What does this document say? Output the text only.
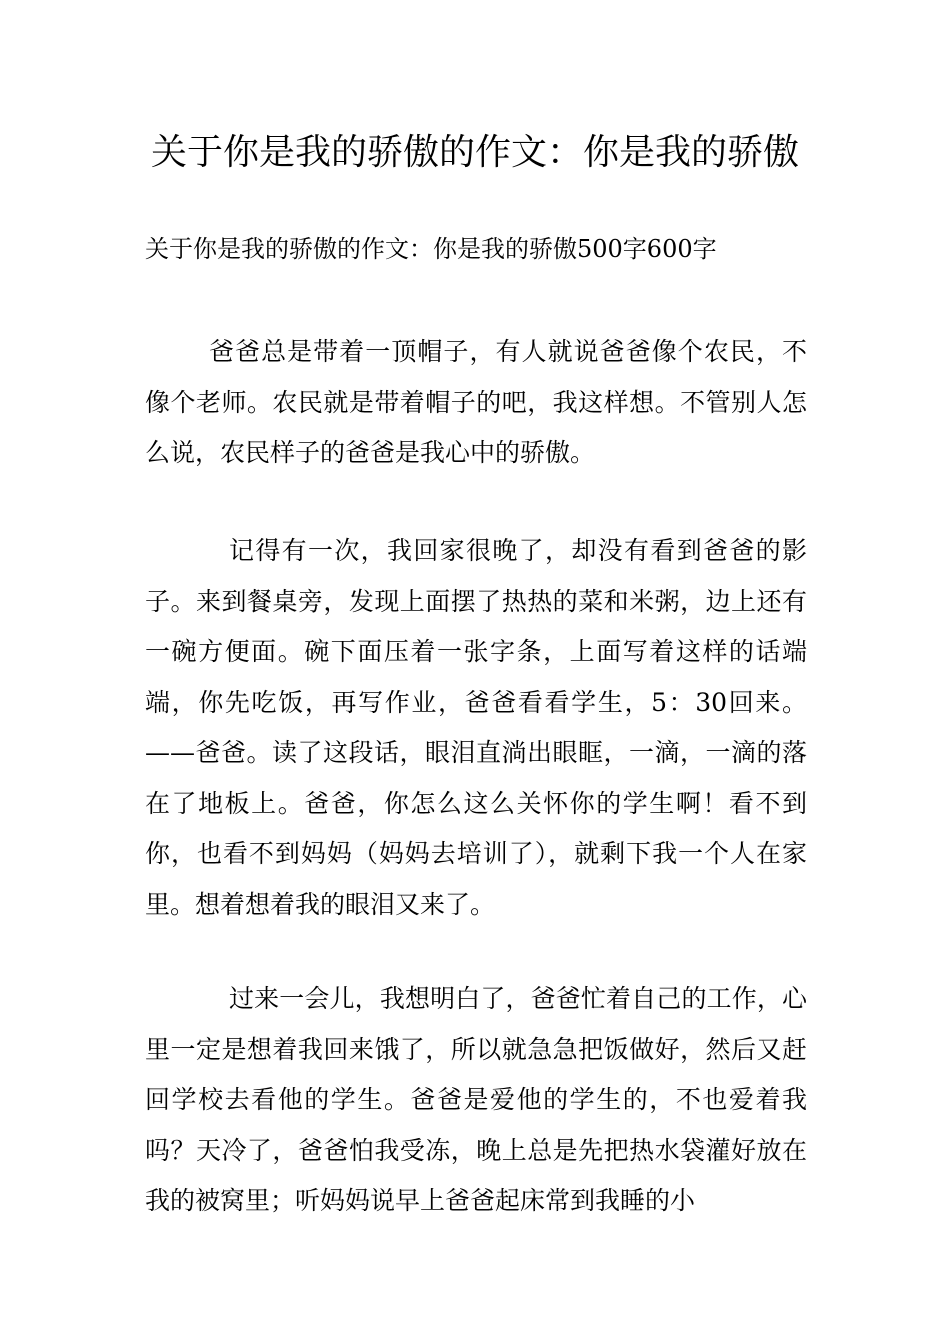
关于你是我的骄傲的作文：你是我的骄傲

关于你是我的骄傲的作文：你是我的骄傲500字600字

爸爸总是带着一顶帽子，有人就说爸爸像个农民，不像个老师。农民就是带着帽子的吧，我这样想。不管别人怎么说，农民样子的爸爸是我心中的骄傲。

记得有一次，我回家很晚了，却没有看到爸爸的影子。来到餐桌旁，发现上面摆了热热的菜和米粥，边上还有一碗方便面。碗下面压着一张字条，上面写着这样的话端端，你先吃饭，再写作业，爸爸看看学生，5：30回来。——爸爸。读了这段话，眼泪直淌出眼眶，一滴，一滴的落在了地板上。爸爸，你怎么这么关怀你的学生啊！看不到你，也看不到妈妈（妈妈去培训了），就剩下我一个人在家里。想着想着我的眼泪又来了。

过来一会儿，我想明白了，爸爸忙着自己的工作，心里一定是想着我回来饿了，所以就急急把饭做好，然后又赶回学校去看他的学生。爸爸是爱他的学生的，不也爱着我吗？天冷了，爸爸怕我受冻，晚上总是先把热水袋灌好放在我的被窝里；听妈妈说早上爸爸起床常到我睡的小
